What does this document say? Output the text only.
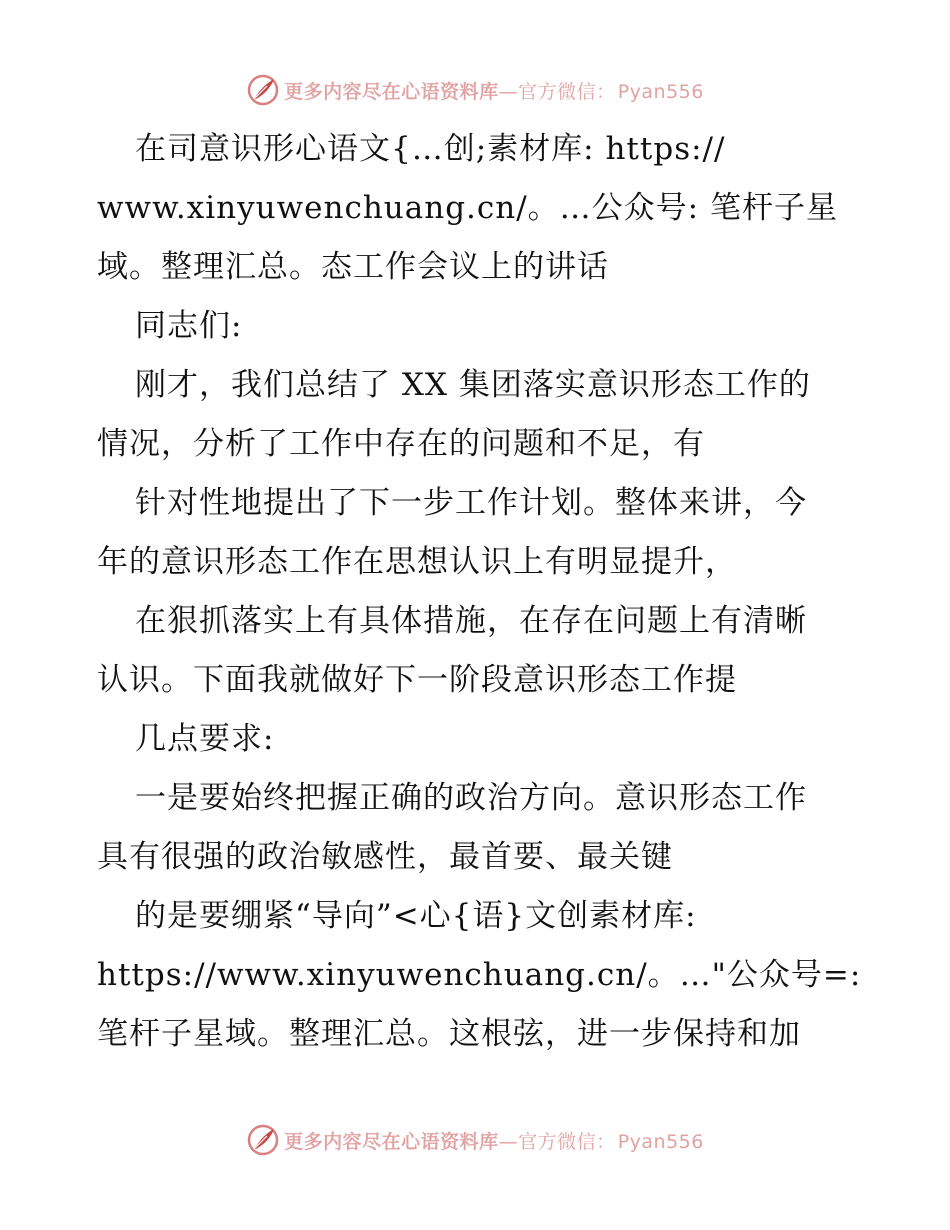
更多内容尽在心语资料库—官方微信： Pyan556
在司意识形心语文{…创;素材库: https://
www.xinyuwenchuang.cn/。…公众号: 笔杆子星
域。整理汇总。态工作会议上的讲话
同志们:
刚才，我们总结了 XX 集团落实意识形态工作的
情况，分析了工作中存在的问题和不足，有
针对性地提出了下一步工作计划。整体来讲，今
年的意识形态工作在思想认识上有明显提升，
在狠抓落实上有具体措施，在存在问题上有清晰
认识。下面我就做好下一阶段意识形态工作提
几点要求:
一是要始终把握正确的政治方向。意识形态工作
具有很强的政治敏感性，最首要、最关键
的是要绷紧“导向”<心{语}文创素材库:
https://www.xinyuwenchuang.cn/。…"公众号=:
笔杆子星域。整理汇总。这根弦，进一步保持和加
更多内容尽在心语资料库—官方微信： Pyan556
